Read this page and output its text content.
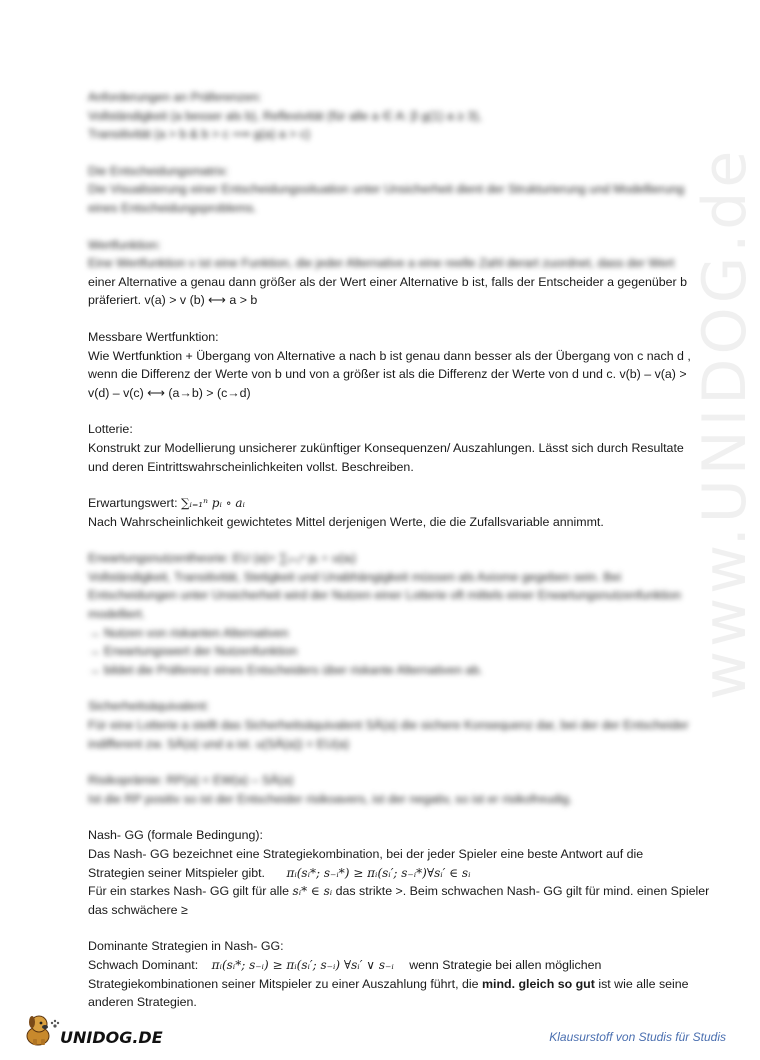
www.UNIDOG.de
Anforderungen an Präferenzen:
Vollständigkeit (a besser als b), Reflexivität (für alle a ∈ A: β g(1) a ≥ 3),
Transitivität (a > b & b > c ⟹ g(a) a > c)
Die Entscheidungsmatrix:
Die Visualisierung einer Entscheidungssituation unter Unsicherheit dient der Strukturierung und Modellierung
eines Entscheidungsproblems.
Wertfunktion:
Eine Wertfunktion v ist eine Funktion, die jeder Alternative a eine reelle Zahl derart zuordnet, dass der Wert
einer Alternative a genau dann größer als der Wert einer Alternative b ist, falls der Entscheider a gegenüber b
präferiert. v(a) > v (b) ⟷ a > b
Messbare Wertfunktion:
Wie Wertfunktion + Übergang von Alternative a nach b ist genau dann besser als der Übergang von c nach d ,
wenn die Differenz der Werte von b und von a größer ist als die Differenz der Werte von d und c. v(b) – v(a) >
v(d) – v(c) ⟷ (a→b) > (c→d)
Lotterie:
Konstrukt zur Modellierung unsicherer zukünftiger Konsequenzen/ Auszahlungen. Lässt sich durch Resultate
und deren Eintrittswahrscheinlichkeiten vollst. Beschreiben.
Erwartungswert: ∑ᵢ₌₁ⁿ pᵢ ∘ aᵢ
Nach Wahrscheinlichkeit gewichtetes Mittel derjenigen Werte, die die Zufallsvariable annimmt.
Erwartungsnutzentheorie: EU (a)= ∑ᵢ₌₁ⁿ pᵢ ∘ u(aᵢ)
Vollständigkeit, Transitivität, Stetigkeit und Unabhängigkeit müssen als Axiome gegeben sein. Bei
Entscheidungen unter Unsicherheit wird der Nutzen einer Lotterie oft mittels einer Erwartungsnutzenfunktion
modelliert.
→ Nutzen von riskanten Alternativen
→ Erwartungswert der Nutzenfunktion
→ bildet die Präferenz eines Entscheiders über riskante Alternativen ab.
Sicherheitsäquivalent:
Für eine Lotterie a stellt das Sicherheitsäquivalent SÄ(a) die sichere Konsequenz dar, bei der der Entscheider
indifferent zw. SÄ(a) und a ist. u(SÄ(a)) = EU(a)
Risikoprämie: RP(a) = EW(a) – SÄ(a)
Ist die RP positiv so ist der Entscheider risikoavers, ist der negativ, so ist er risikofreudig.
Nash- GG (formale Bedingung):
Das Nash- GG bezeichnet eine Strategiekombination, bei der jeder Spieler eine beste Antwort auf die
Strategien seiner Mitspieler gibt. πᵢ(sᵢ*; s₋ᵢ*) ≥ πᵢ(sᵢ′; s₋ᵢ*)∀sᵢ′ ∈ sᵢ
Für ein starkes Nash- GG gilt für alle sᵢ* ∈ sᵢ das strikte >. Beim schwachen Nash- GG gilt für mind. einen Spieler
das schwächere ≥
Dominante Strategien in Nash- GG:
Schwach Dominant: πᵢ(sᵢ*; s₋ᵢ) ≥ πᵢ(sᵢ′; s₋ᵢ) ∀sᵢ′ ∨ s₋ᵢ wenn Strategie bei allen möglichen
Strategiekombinationen seiner Mitspieler zu einer Auszahlung führt, die mind. gleich so gut ist wie alle seine
anderen Strategien.
UNIDOG.DE	Klausurstoff von Studis für Studis
